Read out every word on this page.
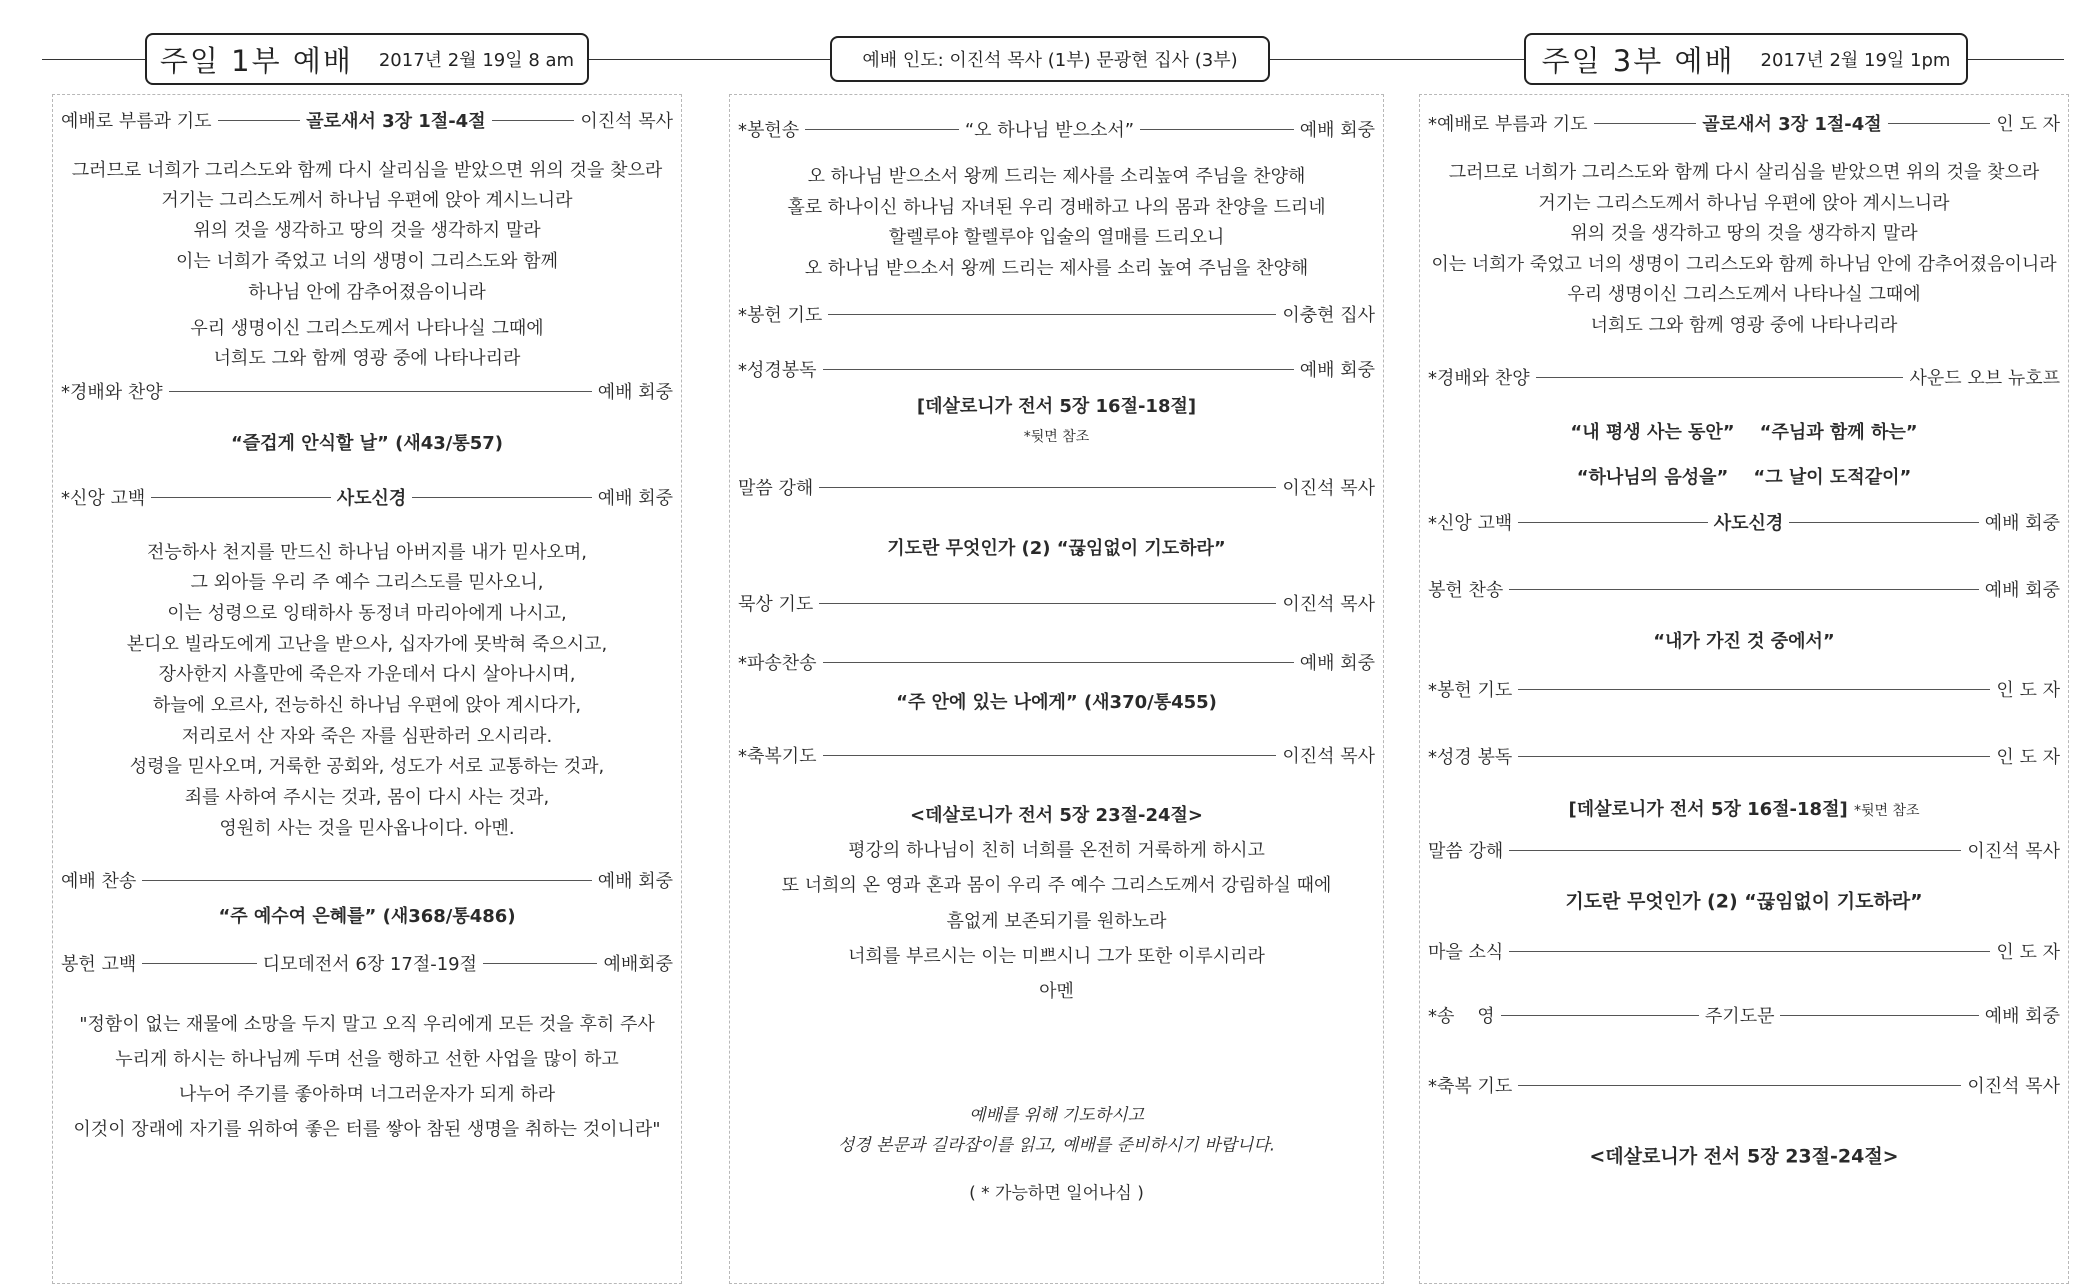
주일 1부 예배 2017년 2월 19일 8 am	예배 인도: 이진석 목사 (1부) 문광현 집사 (3부)	주일 3부 예배 2017년 2월 19일 1pm
예배로 부름과 기도	골로새서 3장 1절-4절	이진석 목사
그러므로 너희가 그리스도와 함께 다시 살리심을 받았으면 위의 것을 찾으라
거기는 그리스도께서 하나님 우편에 앉아 계시느니라
위의 것을 생각하고 땅의 것을 생각하지 말라
이는 너희가 죽었고 너의 생명이 그리스도와 함께
하나님 안에 감추어졌음이니라
우리 생명이신 그리스도께서 나타나실 그때에
너희도 그와 함께 영광 중에 나타나리라
*경배와 찬양	예배 회중
“즐겁게 안식할 날” (새43/통57)
*신앙 고백	사도신경	예배 회중
전능하사 천지를 만드신 하나님 아버지를 내가 믿사오며,
그 외아들 우리 주 예수 그리스도를 믿사오니,
이는 성령으로 잉태하사 동정녀 마리아에게 나시고,
본디오 빌라도에게 고난을 받으사, 십자가에 못박혀 죽으시고,
장사한지 사흘만에 죽은자 가운데서 다시 살아나시며,
하늘에 오르사, 전능하신 하나님 우편에 앉아 계시다가,
저리로서 산 자와 죽은 자를 심판하러 오시리라.
성령을 믿사오며, 거룩한 공회와, 성도가 서로 교통하는 것과,
죄를 사하여 주시는 것과, 몸이 다시 사는 것과,
영원히 사는 것을 믿사옵나이다. 아멘.
예배 찬송	예배 회중
“주 예수여 은혜를” (새368/통486)
봉헌 고백	디모데전서 6장 17절-19절	예배회중
"정함이 없는 재물에 소망을 두지 말고 오직 우리에게 모든 것을 후히 주사
누리게 하시는 하나님께 두며 선을 행하고 선한 사업을 많이 하고
나누어 주기를 좋아하며 너그러운자가 되게 하라
이것이 장래에 자기를 위하여 좋은 터를 쌓아 참된 생명을 취하는 것이니라"
*봉헌송	“오 하나님 받으소서”	예배 회중
오 하나님 받으소서 왕께 드리는 제사를 소리높여 주님을 찬양해
홀로 하나이신 하나님 자녀된 우리 경배하고 나의 몸과 찬양을 드리네
할렐루야 할렐루야 입술의 열매를 드리오니
오 하나님 받으소서 왕께 드리는 제사를 소리 높여 주님을 찬양해
*봉헌 기도	이충현 집사
*성경봉독	예배 회중
[데살로니가 전서 5장 16절-18절]
*뒷면 참조
말씀 강해	이진석 목사
기도란 무엇인가 (2) “끊임없이 기도하라”
묵상 기도	이진석 목사
*파송찬송	예배 회중
“주 안에 있는 나에게” (새370/통455)
*축복기도	이진석 목사
<데살로니가 전서 5장 23절-24절>
평강의 하나님이 친히 너희를 온전히 거룩하게 하시고
또 너희의 온 영과 혼과 몸이 우리 주 예수 그리스도께서 강림하실 때에
흠없게 보존되기를 원하노라
너희를 부르시는 이는 미쁘시니 그가 또한 이루시리라
아멘
예배를 위해 기도하시고
성경 본문과 길라잡이를 읽고, 예배를 준비하시기 바랍니다.
( * 가능하면 일어나심 )
*예배로 부름과 기도	골로새서 3장 1절-4절	인 도 자
그러므로 너희가 그리스도와 함께 다시 살리심을 받았으면 위의 것을 찾으라
거기는 그리스도께서 하나님 우편에 앉아 계시느니라
위의 것을 생각하고 땅의 것을 생각하지 말라
이는 너희가 죽었고 너의 생명이 그리스도와 함께 하나님 안에 감추어졌음이니라
우리 생명이신 그리스도께서 나타나실 그때에
너희도 그와 함께 영광 중에 나타나리라
*경배와 찬양	사운드 오브 뉴호프
“내 평생 사는 동안”    “주님과 함께 하는”
“하나님의 음성을”    “그 날이 도적같이”
*신앙 고백	사도신경	예배 회중
봉헌 찬송	예배 회중
“내가 가진 것 중에서”
*봉헌 기도	인 도 자
*성경 봉독	인 도 자
[데살로니가 전서 5장 16절-18절] *뒷면 참조
말씀 강해	이진석 목사
기도란 무엇인가 (2) “끊임없이 기도하라”
마을 소식	인 도 자
*송    영	주기도문	예배 회중
*축복 기도	이진석 목사
<데살로니가 전서 5장 23절-24절>
